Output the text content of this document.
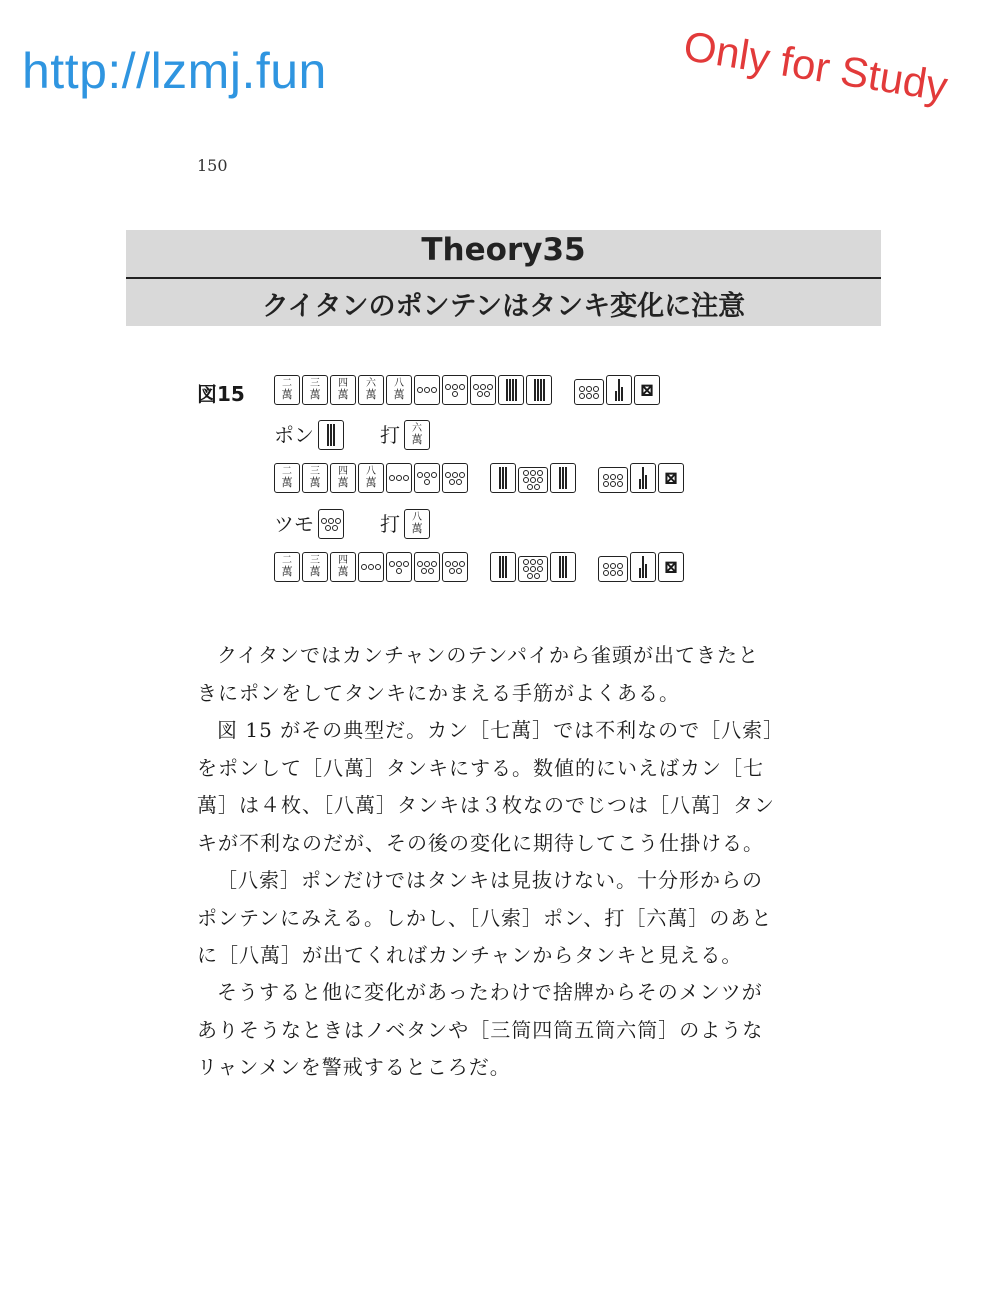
http://lzmj.fun	Only for Study
150
Theory35
クイタンのポンテンはタンキ変化に注意
図15	二
萬
三
萬
四
萬
六
萬
八
萬	⊠
ポン	打 六
萬
二
萬
三
萬
四
萬
八
萬	⊠
ツモ	打 八
萬
二
萬
三
萬
四
萬	⊠

クイタンではカンチャンのテンパイから雀頭が出てきたときにポンをしてタンキにかまえる手筋がよくある。

図 15 がその典型だ。カン［七萬］では不利なので［八索］をポンして［八萬］タンキにする。数値的にいえばカン［七萬］は４枚、［八萬］タンキは３枚なのでじつは［八萬］タンキが不利なのだが、その後の変化に期待してこう仕掛ける。

［八索］ポンだけではタンキは見抜けない。十分形からのポンテンにみえる。しかし、［八索］ポン、打［六萬］のあとに［八萬］が出てくればカンチャンからタンキと見える。

そうすると他に変化があったわけで捨牌からそのメンツがありそうなときはノベタンや［三筒四筒五筒六筒］のようなリャンメンを警戒するところだ。
